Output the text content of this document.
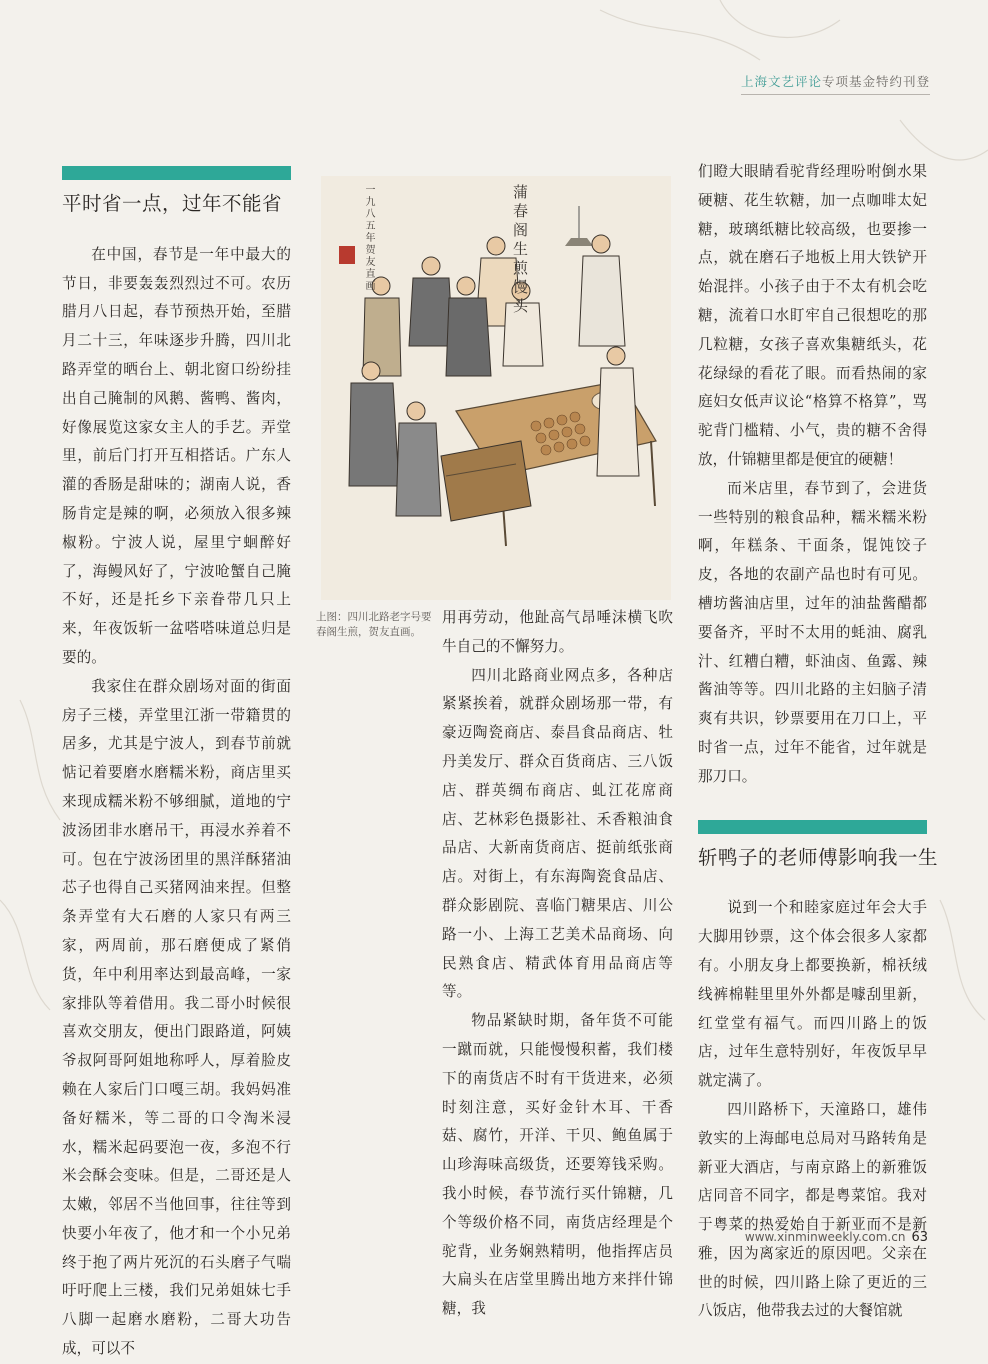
上海文艺评论专项基金特约刊登
平时省一点，过年不能省

在中国，春节是一年中最大的节日，非要轰轰烈烈过不可。农历腊月八日起，春节预热开始，至腊月二十三，年味逐步升腾，四川北路弄堂的晒台上、朝北窗口纷纷挂出自己腌制的风鹅、酱鸭、酱肉，好像展览这家女主人的手艺。弄堂里，前后门打开互相搭话。广东人灌的香肠是甜味的；湖南人说，香肠肯定是辣的啊，必须放入很多辣椒粉。宁波人说，屋里宁蛔醉好了，海鳗风好了，宁波呛蟹自己腌不好，还是托乡下亲眷带几只上来，年夜饭斩一盆嗒嗒味道总归是要的。

我家住在群众剧场对面的街面房子三楼，弄堂里江浙一带籍贯的居多，尤其是宁波人，到春节前就惦记着要磨水磨糯米粉，商店里买来现成糯米粉不够细腻，道地的宁波汤团非水磨吊干，再浸水养着不可。包在宁波汤团里的黑洋酥猪油芯子也得自己买猪网油来捏。但整条弄堂有大石磨的人家只有两三家，两周前，那石磨便成了紧俏货，年中利用率达到最高峰，一家家排队等着借用。我二哥小时候很喜欢交朋友，便出门跟路道，阿姨爷叔阿哥阿姐地称呼人，厚着脸皮赖在人家后门口嘎三胡。我妈妈准备好糯米，等二哥的口令淘米浸水，糯米起码要泡一夜，多泡不行米会酥会变味。但是，二哥还是人太嫩，邻居不当他回事，往往等到快要小年夜了，他才和一个小兄弟终于抱了两片死沉的石头磨子气喘吁吁爬上三楼，我们兄弟姐妹七手八脚一起磨水磨粉，二哥大功告成，可以不

蒲春阁生煎馒头
一九八五年贺友直画
上图：四川北路老字号要春阁生煎，贺友直画。

用再劳动，他趾高气昂唾沫横飞吹牛自己的不懈努力。

四川北路商业网点多，各种店紧紧挨着，就群众剧场那一带，有豪迈陶瓷商店、泰昌食品商店、牡丹美发厅、群众百货商店、三八饭店、群英绸布商店、虬江花席商店、艺林彩色摄影社、禾香粮油食品店、大新南货商店、挺前纸张商店。对街上，有东海陶瓷食品店、群众影剧院、喜临门糖果店、川公路一小、上海工艺美术品商场、向民熟食店、精武体育用品商店等等。

物品紧缺时期，备年货不可能一蹴而就，只能慢慢积蓄，我们楼下的南货店不时有干货进来，必须时刻注意，买好金针木耳、干香菇、腐竹，开洋、干贝、鲍鱼属于山珍海味高级货，还要筹钱采购。我小时候，春节流行买什锦糖，几个等级价格不同，南货店经理是个驼背，业务娴熟精明，他指挥店员大扁头在店堂里腾出地方来拌什锦糖，我

们瞪大眼睛看驼背经理吩咐倒水果硬糖、花生软糖，加一点咖啡太妃糖，玻璃纸糖比较高级，也要掺一点，就在磨石子地板上用大铁铲开始混拌。小孩子由于不太有机会吃糖，流着口水盯牢自己很想吃的那几粒糖，女孩子喜欢集糖纸头，花花绿绿的看花了眼。而看热闹的家庭妇女低声议论“格算不格算”，骂驼背门槛精、小气，贵的糖不舍得放，什锦糖里都是便宜的硬糖！

而米店里，春节到了，会进货一些特别的粮食品种，糯米糯米粉啊，年糕条、干面条，馄饨饺子皮，各地的农副产品也时有可见。槽坊酱油店里，过年的油盐酱醋都要备齐，平时不太用的蚝油、腐乳汁、红糟白糟，虾油卤、鱼露、辣酱油等等。四川北路的主妇脑子清爽有共识，钞票要用在刀口上，平时省一点，过年不能省，过年就是那刀口。

斩鸭子的老师傅影响我一生

说到一个和睦家庭过年会大手大脚用钞票，这个体会很多人家都有。小朋友身上都要换新，棉袄绒线裤棉鞋里里外外都是噱刮里新，红堂堂有福气。而四川路上的饭店，过年生意特别好，年夜饭早早就定满了。

四川路桥下，天潼路口，雄伟敦实的上海邮电总局对马路转角是新亚大酒店，与南京路上的新雅饭店同音不同字，都是粤菜馆。我对于粤菜的热爱始自于新亚而不是新雅，因为离家近的原因吧。父亲在世的时候，四川路上除了更近的三八饭店，他带我去过的大餐馆就

www.xinminweekly.com.cn 63
